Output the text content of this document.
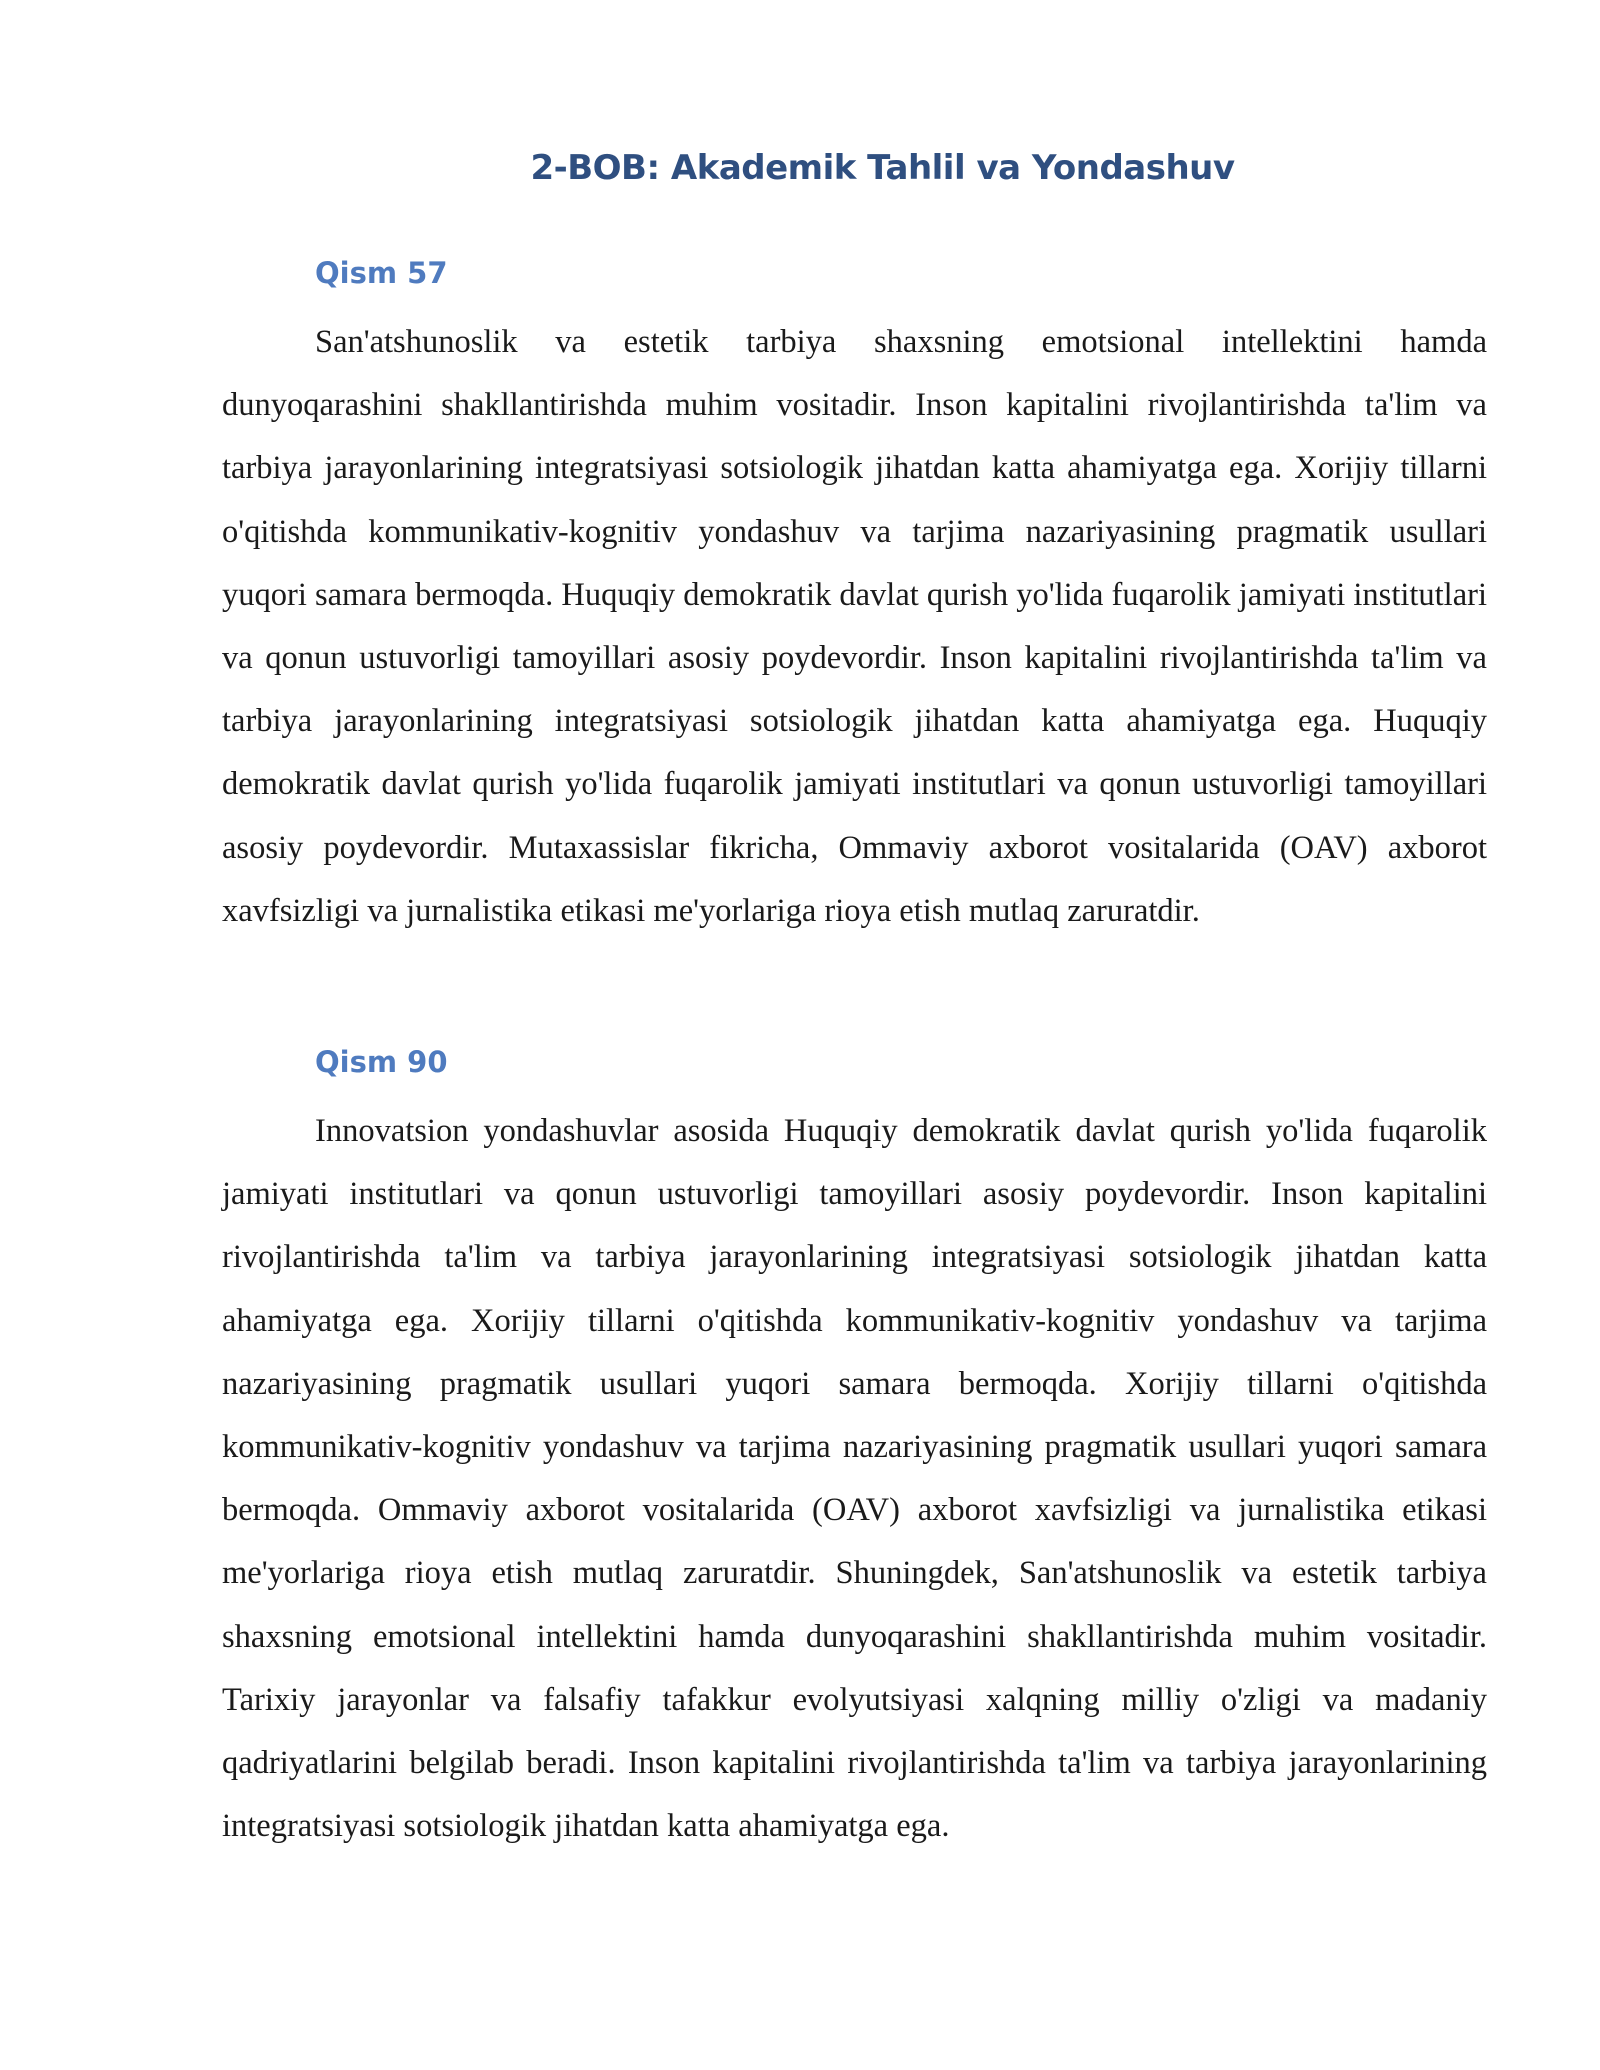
2-BOB: Akademik Tahlil va Yondashuv
Qism 57

San'atshunoslik va estetik tarbiya shaxsning emotsional intellektini hamda dunyoqarashini shakllantirishda muhim vositadir. Inson kapitalini rivojlantirishda ta'lim va tarbiya jarayonlarining integratsiyasi sotsiologik jihatdan katta ahamiyatga ega. Xorijiy tillarni o'qitishda kommunikativ-kognitiv yondashuv va tarjima nazariyasining pragmatik usullari yuqori samara bermoqda. Huquqiy demokratik davlat qurish yo'lida fuqarolik jamiyati institutlari va qonun ustuvorligi tamoyillari asosiy poydevordir. Inson kapitalini rivojlantirishda ta'lim va tarbiya jarayonlarining integratsiyasi sotsiologik jihatdan katta ahamiyatga ega. Huquqiy demokratik davlat qurish yo'lida fuqarolik jamiyati institutlari va qonun ustuvorligi tamoyillari asosiy poydevordir. Mutaxassislar fikricha, Ommaviy axborot vositalarida (OAV) axborot xavfsizligi va jurnalistika etikasi me'yorlariga rioya etish mutlaq zaruratdir.

Qism 90

Innovatsion yondashuvlar asosida Huquqiy demokratik davlat qurish yo'lida fuqarolik jamiyati institutlari va qonun ustuvorligi tamoyillari asosiy poydevordir. Inson kapitalini rivojlantirishda ta'lim va tarbiya jarayonlarining integratsiyasi sotsiologik jihatdan katta ahamiyatga ega. Xorijiy tillarni o'qitishda kommunikativ-kognitiv yondashuv va tarjima nazariyasining pragmatik usullari yuqori samara bermoqda. Xorijiy tillarni o'qitishda kommunikativ-kognitiv yondashuv va tarjima nazariyasining pragmatik usullari yuqori samara bermoqda. Ommaviy axborot vositalarida (OAV) axborot xavfsizligi va jurnalistika etikasi me'yorlariga rioya etish mutlaq zaruratdir. Shuningdek, San'atshunoslik va estetik tarbiya shaxsning emotsional intellektini hamda dunyoqarashini shakllantirishda muhim vositadir. Tarixiy jarayonlar va falsafiy tafakkur evolyutsiyasi xalqning milliy o'zligi va madaniy qadriyatlarini belgilab beradi. Inson kapitalini rivojlantirishda ta'lim va tarbiya jarayonlarining integratsiyasi sotsiologik jihatdan katta ahamiyatga ega.
